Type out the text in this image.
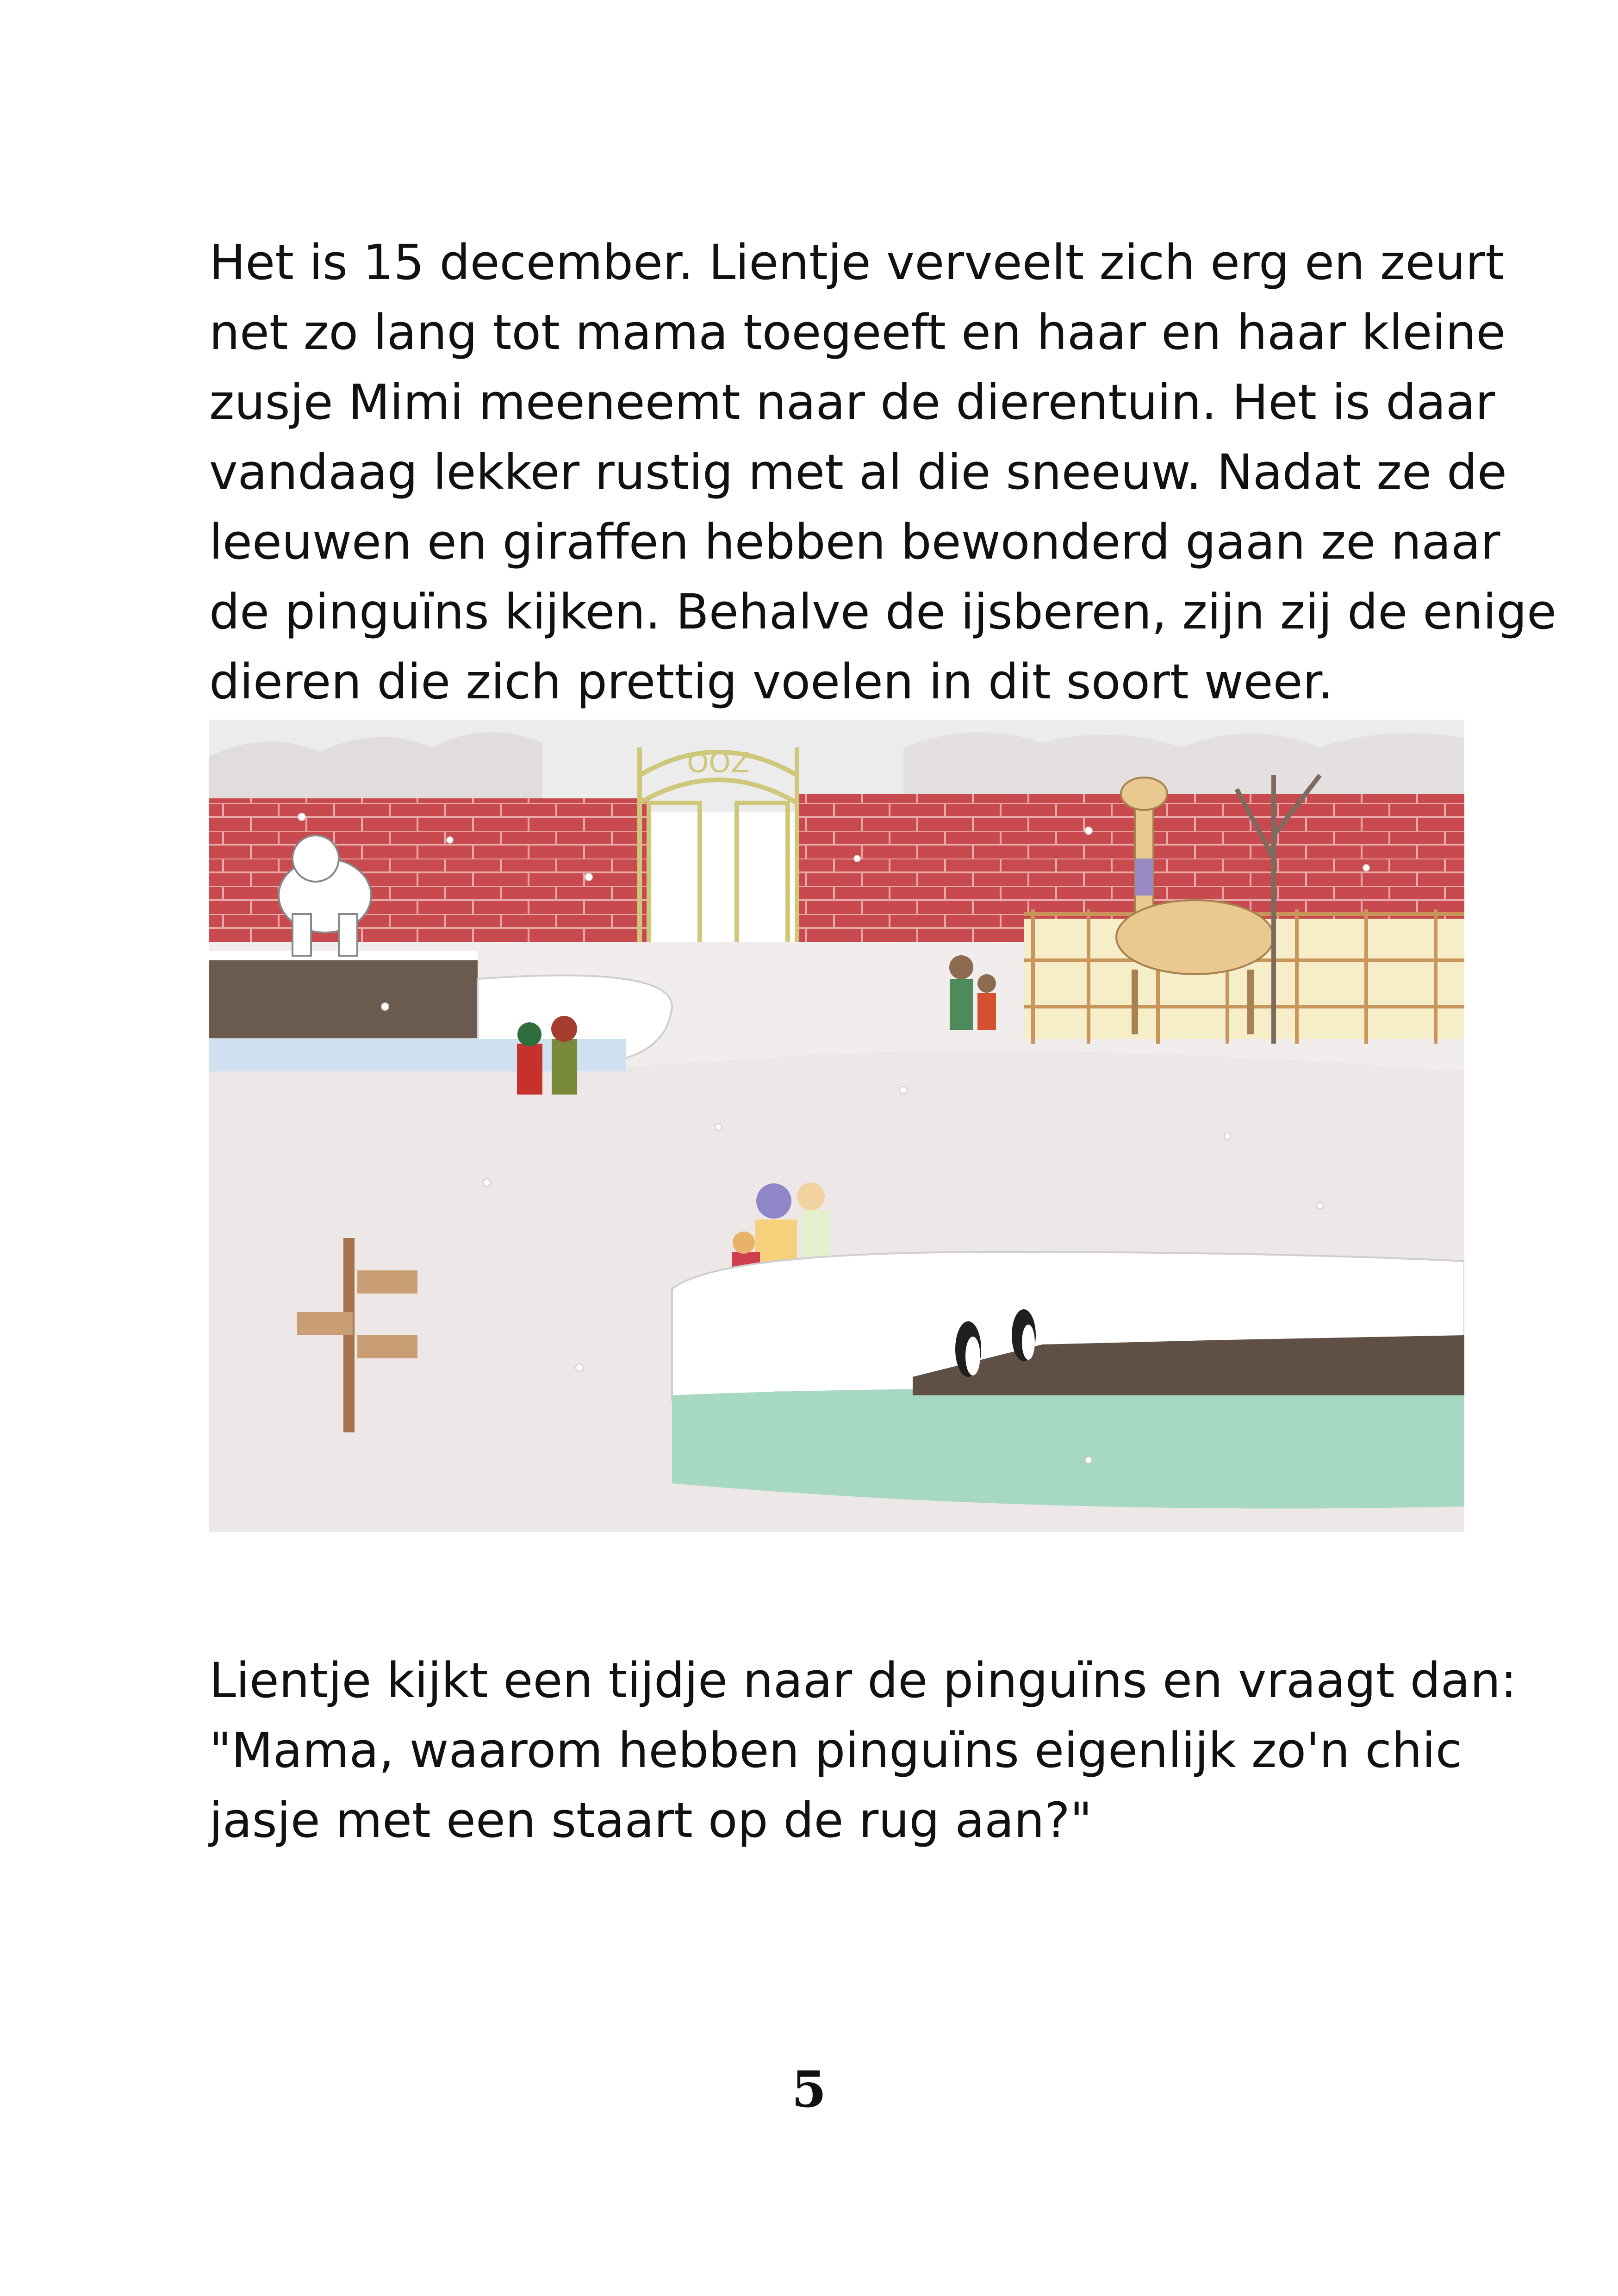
Het is 15 december. Lientje verveelt zich erg en zeurt
net zo lang tot mama toegeeft en haar en haar kleine
zusje Mimi meeneemt naar de dierentuin. Het is daar
vandaag lekker rustig met al die sneeuw. Nadat ze de
leeuwen en giraffen hebben bewonderd gaan ze naar
de pinguïns kijken. Behalve de ijsberen, zijn zij de enige
dieren die zich prettig voelen in dit soort weer.
ZOO
Lientje kijkt een tijdje naar de pinguïns en vraagt dan:
"Mama, waarom hebben pinguïns eigenlijk zo'n chic
jasje met een staart op de rug aan?"
5
